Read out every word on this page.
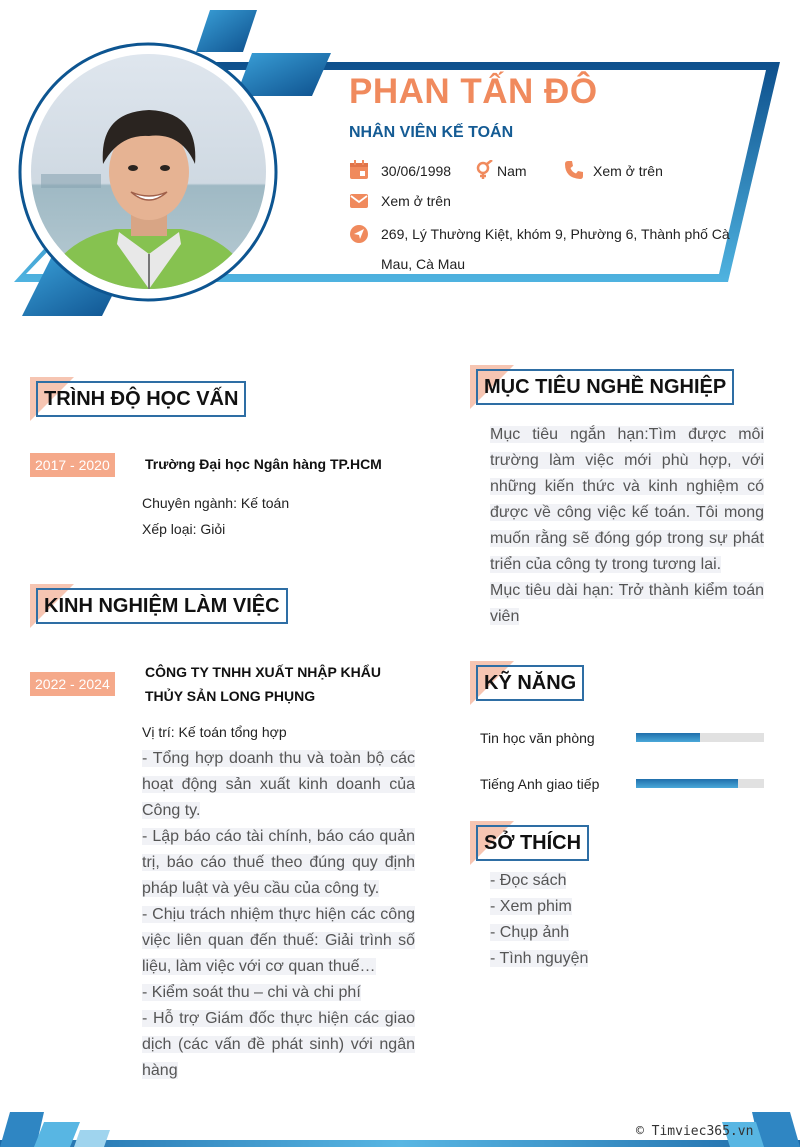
PHAN TẤN ĐÔ
NHÂN VIÊN KẾ TOÁN
30/06/1998	Nam	Xem ở trên
Xem ở trên
269, Lý Thường Kiệt, khóm 9, Phường 6, Thành phố Cà
Mau, Cà Mau
TRÌNH ĐỘ HỌC VẤN
2017 - 2020	Trường Đại học Ngân hàng TP.HCM
Chuyên ngành: Kế toán
Xếp loại: Giỏi
KINH NGHIỆM LÀM VIỆC
2022 - 2024
CÔNG TY TNHH XUẤT NHẬP KHẨU THỦY SẢN LONG PHỤNG
Vị trí: Kế toán tổng hợp

- Tổng hợp doanh thu và toàn bộ các hoạt động sản xuất kinh doanh của Công ty.

- Lập báo cáo tài chính, báo cáo quản trị, báo cáo thuế theo đúng quy định pháp luật và yêu cầu của công ty.

- Chịu trách nhiệm thực hiện các công việc liên quan đến thuế: Giải trình số liệu, làm việc với cơ quan thuế…

- Kiểm soát thu – chi và chi phí

- Hỗ trợ Giám đốc thực hiện các giao dịch (các vấn đề phát sinh) với ngân hàng

MỤC TIÊU NGHỀ NGHIỆP

Mục tiêu ngắn hạn:Tìm được môi trường làm việc mới phù hợp, với những kiến thức và kinh nghiệm có được về công việc kế toán. Tôi mong muốn rằng sẽ đóng góp trong sự phát triển của công ty trong tương lai.

Mục tiêu dài hạn: Trở thành kiểm toán viên

KỸ NĂNG
Tin học văn phòng
Tiếng Anh giao tiếp
SỞ THÍCH

- Đọc sách

- Xem phim

- Chụp ảnh

- Tình nguyện

© Timviec365.vn
